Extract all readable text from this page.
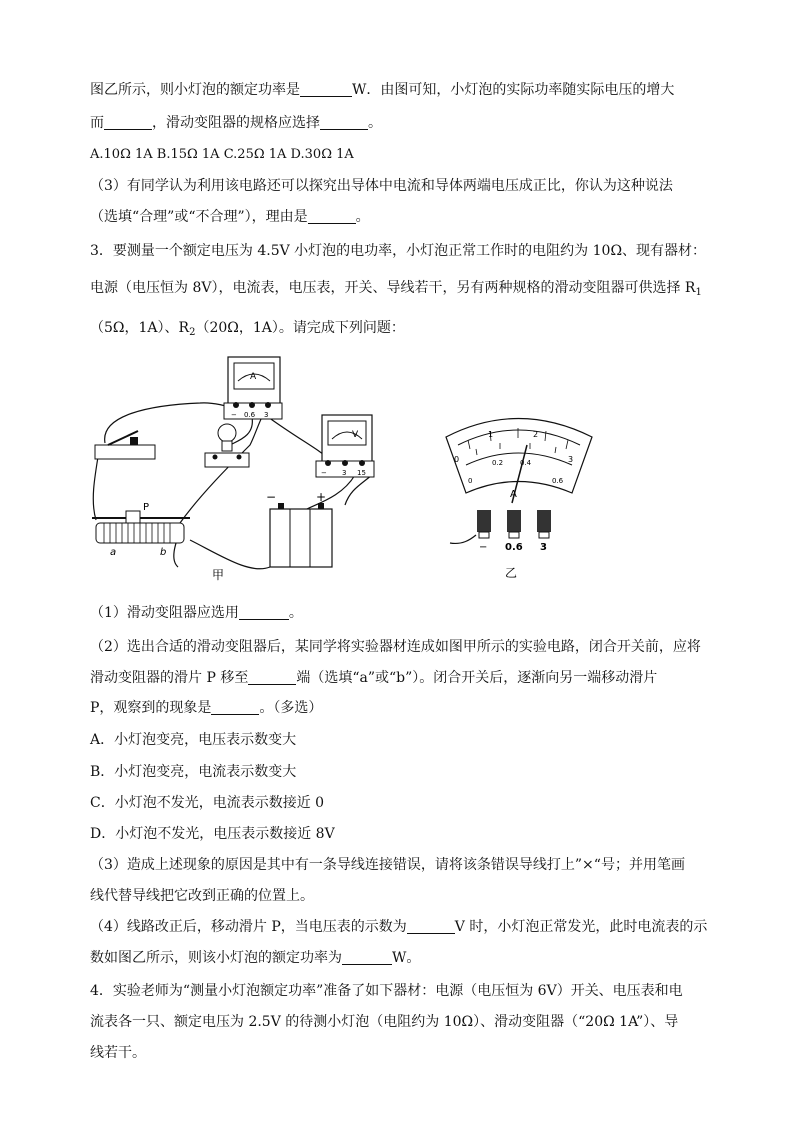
图乙所示，则小灯泡的额定功率是	W．由图可知，小灯泡的实际功率随实际电压的增大
而	，滑动变阻器的规格应选择	。
A.10Ω 1A B.15Ω 1A C.25Ω 1A D.30Ω 1A
（3）有同学认为利用该电路还可以探究出导体中电流和导体两端电压成正比，你认为这种说法
（选填“合理”或“不合理”），理由是	。
3．要测量一个额定电压为 4.5V 小灯泡的电功率，小灯泡正常工作时的电阻约为 10Ω、现有器材：
电源（电压恒为 8V），电流表，电压表，开关、导线若干，另有两种规格的滑动变阻器可供选择 $R_1$
（5Ω，1A）、$R_2(20\Omega$，1A）。请完成下列问题：
A
− 0.6 3
V
− 3 15
P
a	b
−	+
0
1	2
3
0
0.2 0.4
0.6
A
− 0.6 3
甲	乙
（1）滑动变阻器应选用	。
（2）选出合适的滑动变阻器后，某同学将实验器材连成如图甲所示的实验电路，闭合开关前，应将
滑动变阻器的滑片 P 移至	端（选填“a”或“b”）。闭合开关后，逐渐向另一端移动滑片
P，观察到的现象是	。（多选）
A．小灯泡变亮，电压表示数变大
B．小灯泡变亮，电流表示数变大
C．小灯泡不发光，电流表示数接近 0
D．小灯泡不发光，电压表示数接近 8V
（3）造成上述现象的原因是其中有一条导线连接错误，请将该条错误导线打上”×“号；并用笔画
线代替导线把它改到正确的位置上。
（4）线路改正后，移动滑片 P，当电压表的示数为	V 时，小灯泡正常发光，此时电流表的示
数如图乙所示，则该小灯泡的额定功率为	W。
4．实验老师为“测量小灯泡额定功率”准备了如下器材：电源（电压恒为 6V）开关、电压表和电
流表各一只、额定电压为 2.5V 的待测小灯泡（电阻约为 10Ω）、滑动变阻器（“20Ω 1A”）、导
线若干。
